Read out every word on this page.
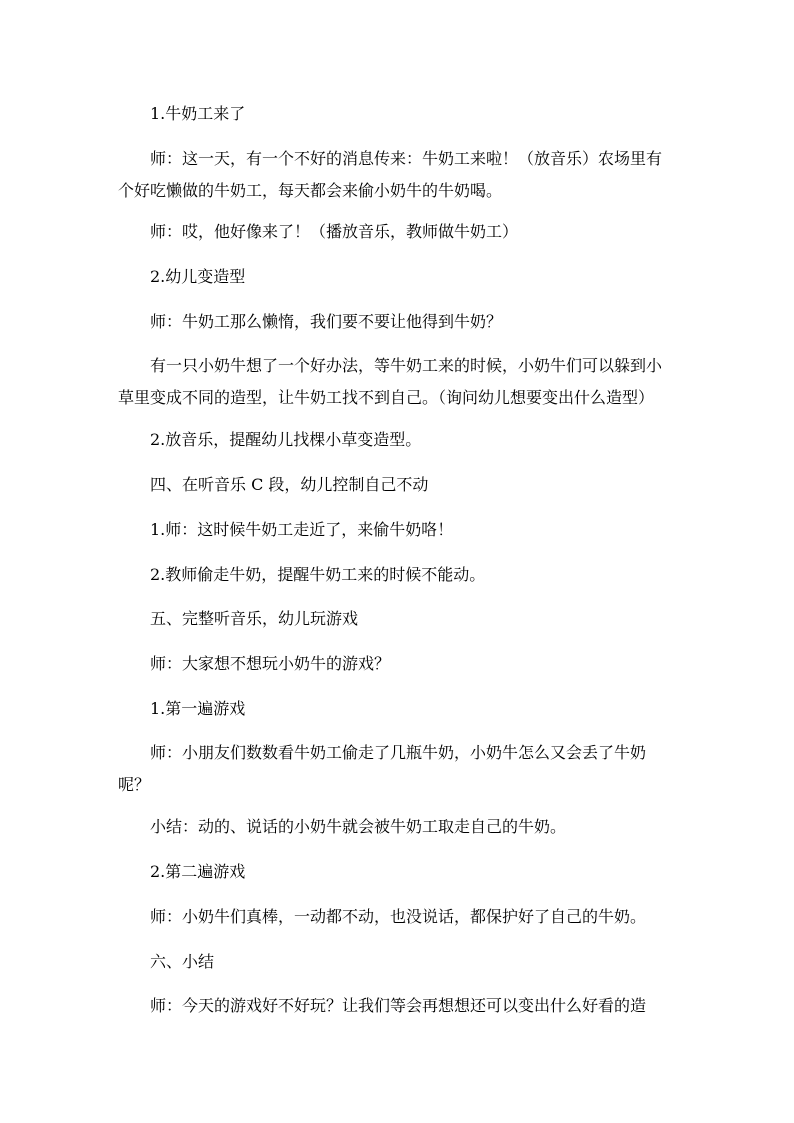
1.牛奶工来了

师：这一天，有一个不好的消息传来：牛奶工来啦！（放音乐）农场里有
个好吃懒做的牛奶工，每天都会来偷小奶牛的牛奶喝。

师：哎，他好像来了！（播放音乐，教师做牛奶工）

2.幼儿变造型

师：牛奶工那么懒惰，我们要不要让他得到牛奶？

有一只小奶牛想了一个好办法，等牛奶工来的时候，小奶牛们可以躲到小
草里变成不同的造型，让牛奶工找不到自己。（询问幼儿想要变出什么造型）

2.放音乐，提醒幼儿找棵小草变造型。

四、在听音乐 C 段，幼儿控制自己不动

1.师：这时候牛奶工走近了，来偷牛奶咯！

2.教师偷走牛奶，提醒牛奶工来的时候不能动。

五、完整听音乐，幼儿玩游戏

师：大家想不想玩小奶牛的游戏？

1.第一遍游戏

师：小朋友们数数看牛奶工偷走了几瓶牛奶，小奶牛怎么又会丢了牛奶
呢？

小结：动的、说话的小奶牛就会被牛奶工取走自己的牛奶。

2.第二遍游戏

师：小奶牛们真棒，一动都不动，也没说话，都保护好了自己的牛奶。

六、小结

师：今天的游戏好不好玩？让我们等会再想想还可以变出什么好看的造
